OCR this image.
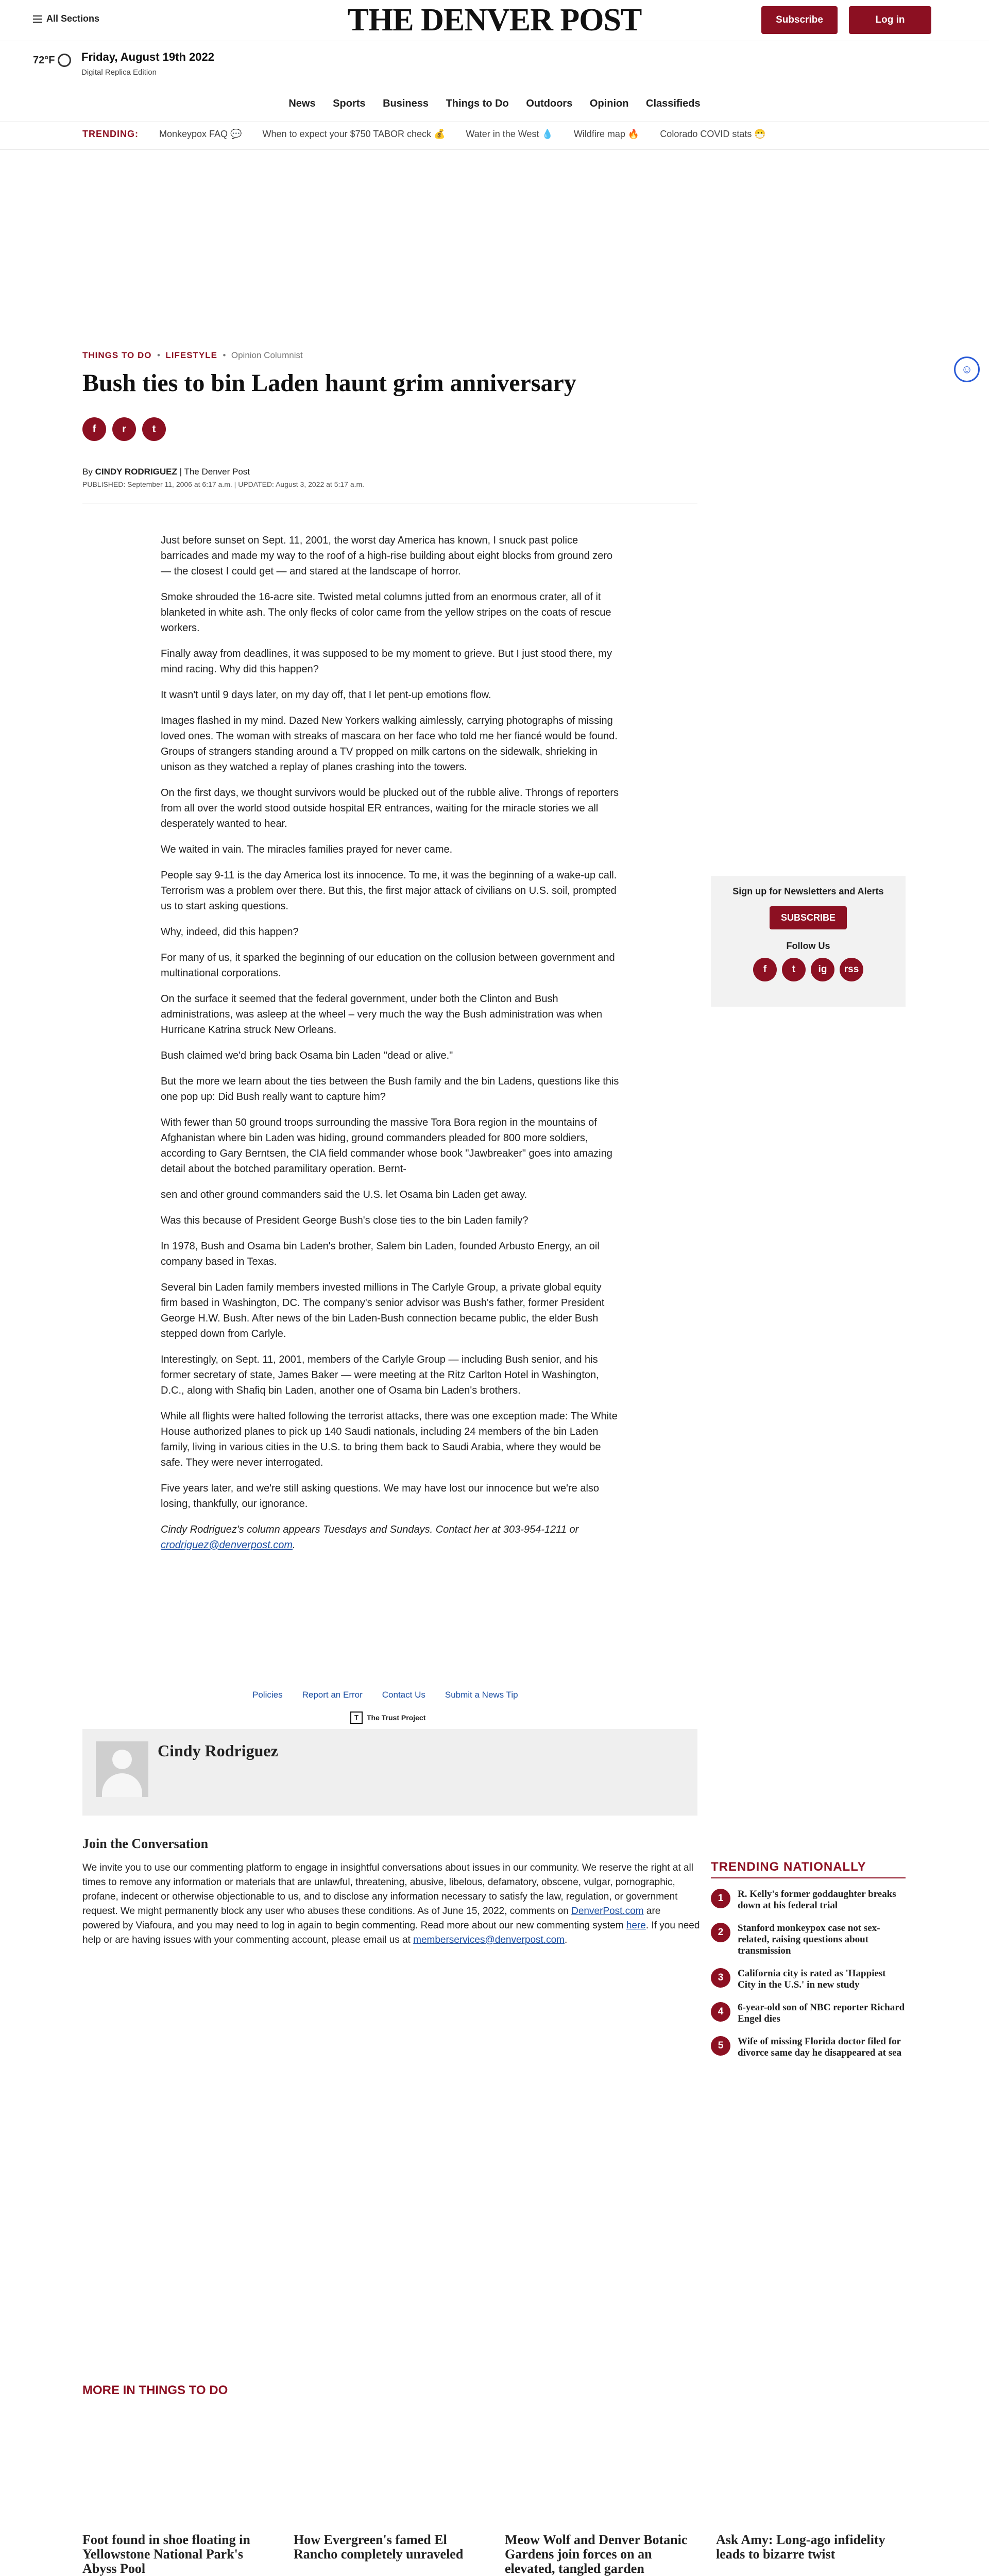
All Sections	THE DENVER POST	Subscribe	Log in
72°F Friday, August 19th 2022
Digital Replica Edition
News Sports Business Things to Do Outdoors Opinion Classifieds
TRENDING: Monkeypox FAQ 💬 When to expect your $750 TABOR check 💰 Water in the West 💧 Wildfire map 🔥 Colorado COVID stats 😷
THINGS TO DO  •  LIFESTYLE  •  Opinion Columnist
Bush ties to bin Laden haunt grim anniversary
f	r	t
☺
By CINDY RODRIGUEZ | The Denver Post
PUBLISHED: September 11, 2006 at 6:17 a.m. | UPDATED: August 3, 2022 at 5:17 a.m.

Just before sunset on Sept. 11, 2001, the worst day America has known, I snuck past police barricades and made my way to the roof of a high-rise building about eight blocks from ground zero — the closest I could get — and stared at the landscape of horror.

Smoke shrouded the 16-acre site. Twisted metal columns jutted from an enormous crater, all of it blanketed in white ash. The only flecks of color came from the yellow stripes on the coats of rescue workers.

Finally away from deadlines, it was supposed to be my moment to grieve. But I just stood there, my mind racing. Why did this happen?

It wasn't until 9 days later, on my day off, that I let pent-up emotions flow.

Images flashed in my mind. Dazed New Yorkers walking aimlessly, carrying photographs of missing loved ones. The woman with streaks of mascara on her face who told me her fiancé would be found. Groups of strangers standing around a TV propped on milk cartons on the sidewalk, shrieking in unison as they watched a replay of planes crashing into the towers.

On the first days, we thought survivors would be plucked out of the rubble alive. Throngs of reporters from all over the world stood outside hospital ER entrances, waiting for the miracle stories we all desperately wanted to hear.

We waited in vain. The miracles families prayed for never came.

People say 9-11 is the day America lost its innocence. To me, it was the beginning of a wake-up call. Terrorism was a problem over there. But this, the first major attack of civilians on U.S. soil, prompted us to start asking questions.

Why, indeed, did this happen?

For many of us, it sparked the beginning of our education on the collusion between government and multinational corporations.

On the surface it seemed that the federal government, under both the Clinton and Bush administrations, was asleep at the wheel – very much the way the Bush administration was when Hurricane Katrina struck New Orleans.

Bush claimed we'd bring back Osama bin Laden "dead or alive."

But the more we learn about the ties between the Bush family and the bin Ladens, questions like this one pop up: Did Bush really want to capture him?

With fewer than 50 ground troops surrounding the massive Tora Bora region in the mountains of Afghanistan where bin Laden was hiding, ground commanders pleaded for 800 more soldiers, according to Gary Berntsen, the CIA field commander whose book "Jawbreaker" goes into amazing detail about the botched paramilitary operation. Bernt-

sen and other ground commanders said the U.S. let Osama bin Laden get away.

Was this because of President George Bush's close ties to the bin Laden family?

In 1978, Bush and Osama bin Laden's brother, Salem bin Laden, founded Arbusto Energy, an oil company based in Texas.

Several bin Laden family members invested millions in The Carlyle Group, a private global equity firm based in Washington, DC. The company's senior advisor was Bush's father, former President George H.W. Bush. After news of the bin Laden-Bush connection became public, the elder Bush stepped down from Carlyle.

Interestingly, on Sept. 11, 2001, members of the Carlyle Group — including Bush senior, and his former secretary of state, James Baker — were meeting at the Ritz Carlton Hotel in Washington, D.C., along with Shafiq bin Laden, another one of Osama bin Laden's brothers.

While all flights were halted following the terrorist attacks, there was one exception made: The White House authorized planes to pick up 140 Saudi nationals, including 24 members of the bin Laden family, living in various cities in the U.S. to bring them back to Saudi Arabia, where they would be safe. They were never interrogated.

Five years later, and we're still asking questions. We may have lost our innocence but we're also losing, thankfully, our ignorance.

Cindy Rodriguez's column appears Tuesdays and Sundays. Contact her at 303-954-1211 or crodriguez@denverpost.com.

Sign up for Newsletters and Alerts
SUBSCRIBE
Follow Us
f	t	ig	rss
Policies Report an Error Contact Us Submit a News Tip
T	The Trust Project
Cindy Rodriguez
Join the Conversation
We invite you to use our commenting platform to engage in insightful conversations about issues in our community. We reserve the right at all times to remove any information or materials that are unlawful, threatening, abusive, libelous, defamatory, obscene, vulgar, pornographic, profane, indecent or otherwise objectionable to us, and to disclose any information necessary to satisfy the law, regulation, or government request. We might permanently block any user who abuses these conditions. As of June 15, 2022, comments on DenverPost.com are powered by Viafoura, and you may need to log in again to begin commenting. Read more about our new commenting system here. If you need help or are having issues with your commenting account, please email us at memberservices@denverpost.com.
TRENDING NATIONALLY
1	R. Kelly's former goddaughter breaks down at his federal trial
2	Stanford monkeypox case not sex-related, raising questions about transmission
3	California city is rated as 'Happiest City in the U.S.' in new study
4	6-year-old son of NBC reporter Richard Engel dies
5	Wife of missing Florida doctor filed for divorce same day he disappeared at sea
MORE IN THINGS TO DO
Foot found in shoe floating in Yellowstone National Park's Abyss Pool
How Evergreen's famed El Rancho completely unraveled
Meow Wolf and Denver Botanic Gardens join forces on an elevated, tangled garden
Ask Amy: Long-ago infidelity leads to bizarre twist
